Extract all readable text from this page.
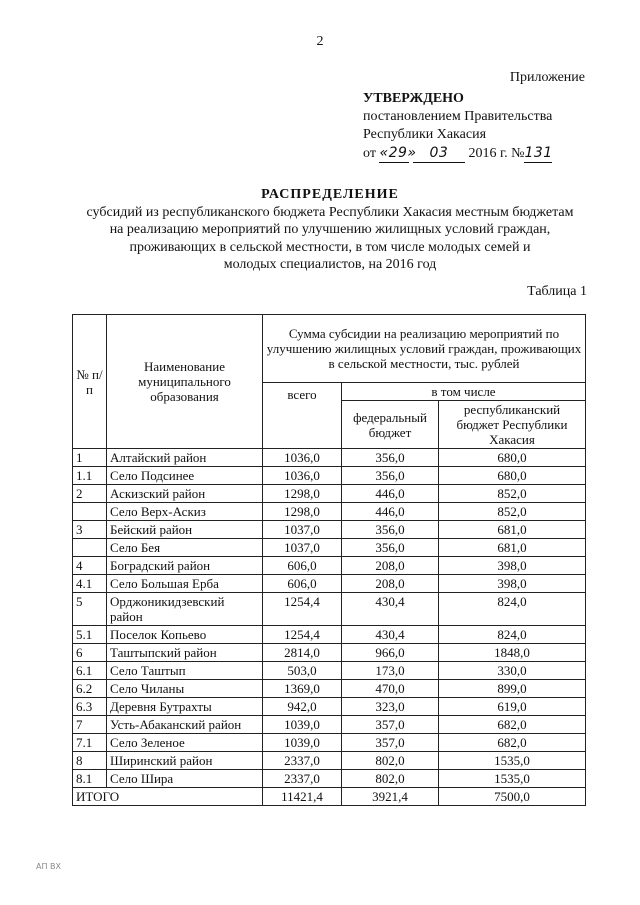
2
Приложение
УТВЕРЖДЕНО
постановлением Правительства
Республики Хакасия
от «29» 03 2016 г. №131
РАСПРЕДЕЛЕНИЕ
субсидий из республиканского бюджета Республики Хакасия местным бюджетам
на реализацию мероприятий по улучшению жилищных условий граждан,
проживающих в сельской местности, в том числе молодых семей и
молодых специалистов, на 2016 год
Таблица 1
№ п/п	Наименование муниципального образования	Сумма субсидии на реализацию мероприятий по улучшению жилищных условий граждан, проживающих в сельской местности, тыс. рублей		
		всего	в том числе	
			федеральный бюджет	республиканский бюджет Республики Хакасия
1	Алтайский район	1036,0	356,0	680,0
1.1	Село Подсинее	1036,0	356,0	680,0
2	Аскизский район	1298,0	446,0	852,0
	Село Верх-Аскиз	1298,0	446,0	852,0
3	Бейский район	1037,0	356,0	681,0
	Село Бея	1037,0	356,0	681,0
4	Боградский район	606,0	208,0	398,0
4.1	Село Большая Ерба	606,0	208,0	398,0
5	Орджоникидзевский район	1254,4	430,4	824,0
5.1	Поселок Копьево	1254,4	430,4	824,0
6	Таштыпский район	2814,0	966,0	1848,0
6.1	Село Таштып	503,0	173,0	330,0
6.2	Село Чиланы	1369,0	470,0	899,0
6.3	Деревня Бутрахты	942,0	323,0	619,0
7	Усть-Абаканский район	1039,0	357,0	682,0
7.1	Село Зеленое	1039,0	357,0	682,0
8	Ширинский район	2337,0	802,0	1535,0
8.1	Село Шира	2337,0	802,0	1535,0
ИТОГО		11421,4	3921,4	7500,0
АП ВХ
